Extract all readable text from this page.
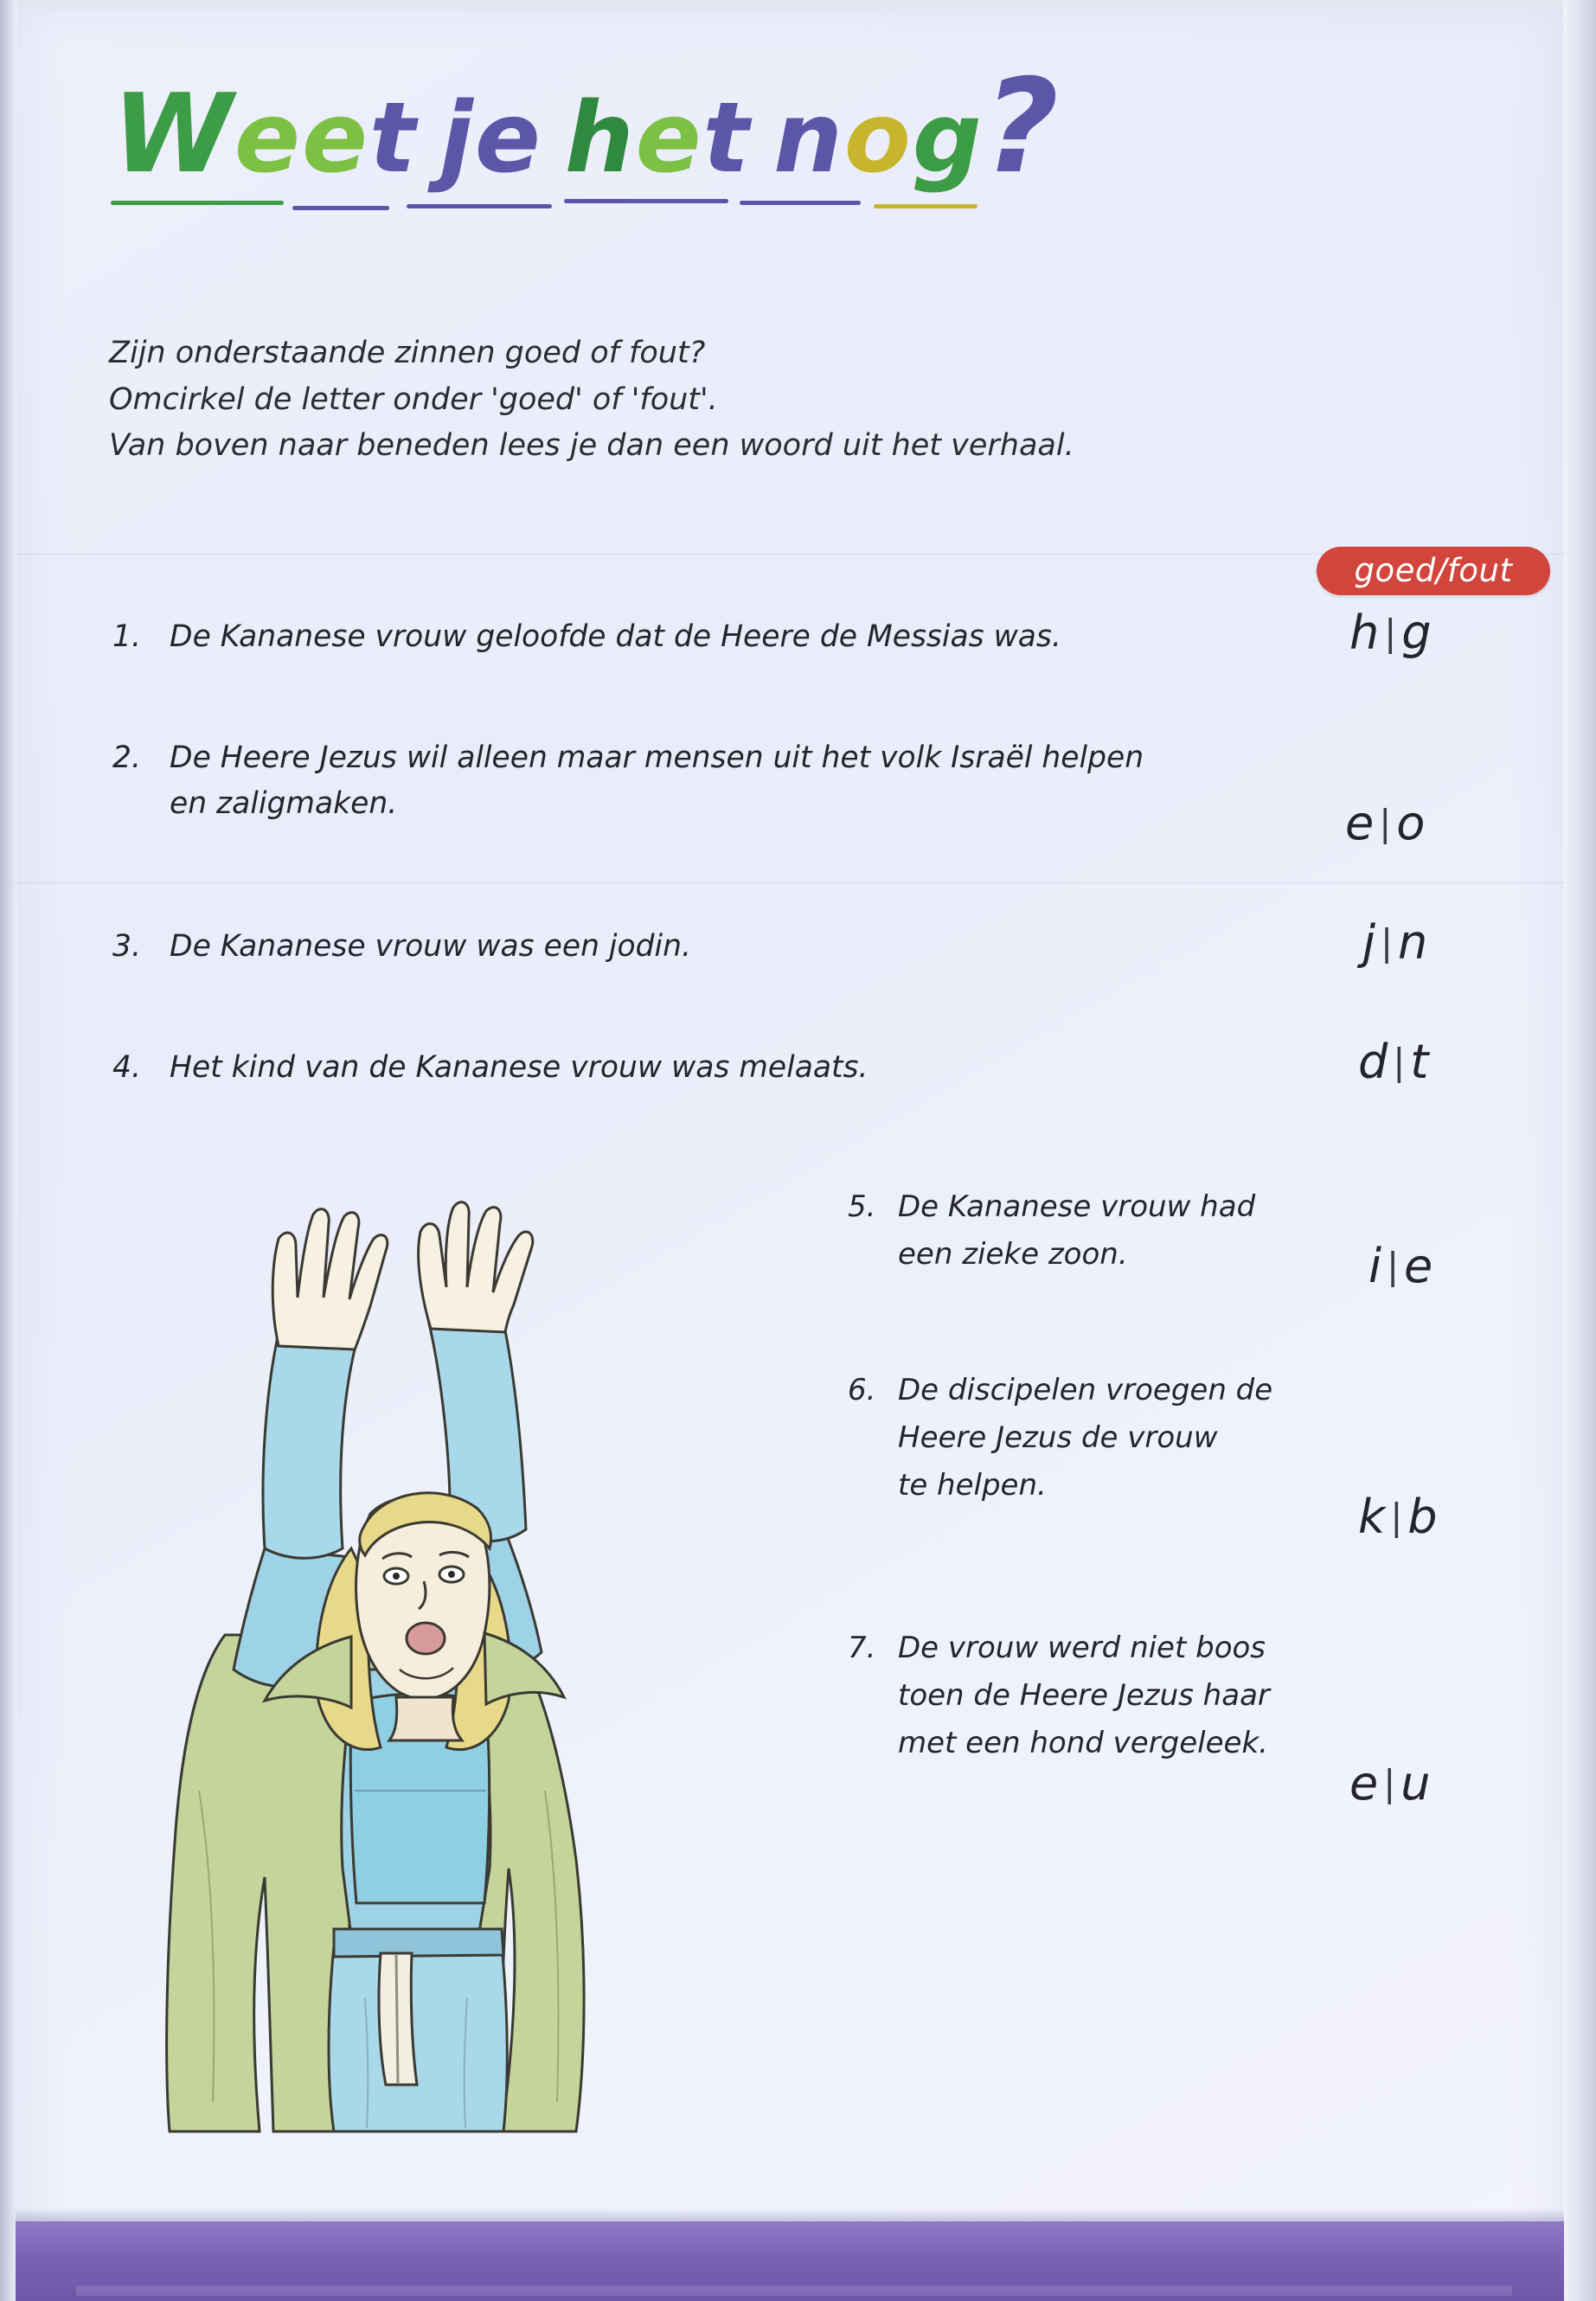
Weet je het nog?
Zijn onderstaande zinnen goed of fout?
Omcirkel de letter onder 'goed' of 'fout'.
Van boven naar beneden lees je dan een woord uit het verhaal.
goed/fout
1. De Kananese vrouw geloofde dat de Heere de Messias was.	h | g
2. De Heere Jezus wil alleen maar mensen uit het volk Israël helpen
en zaligmaken.	e | o
3. De Kananese vrouw was een jodin.	j | n
4. Het kind van de Kananese vrouw was melaats.	d | t
5. De Kananese vrouw had
een zieke zoon.	i | e
6. De discipelen vroegen de
Heere Jezus de vrouw
te helpen.
k | b
7. De vrouw werd niet boos
toen de Heere Jezus haar
met een hond vergeleek.
e | u
